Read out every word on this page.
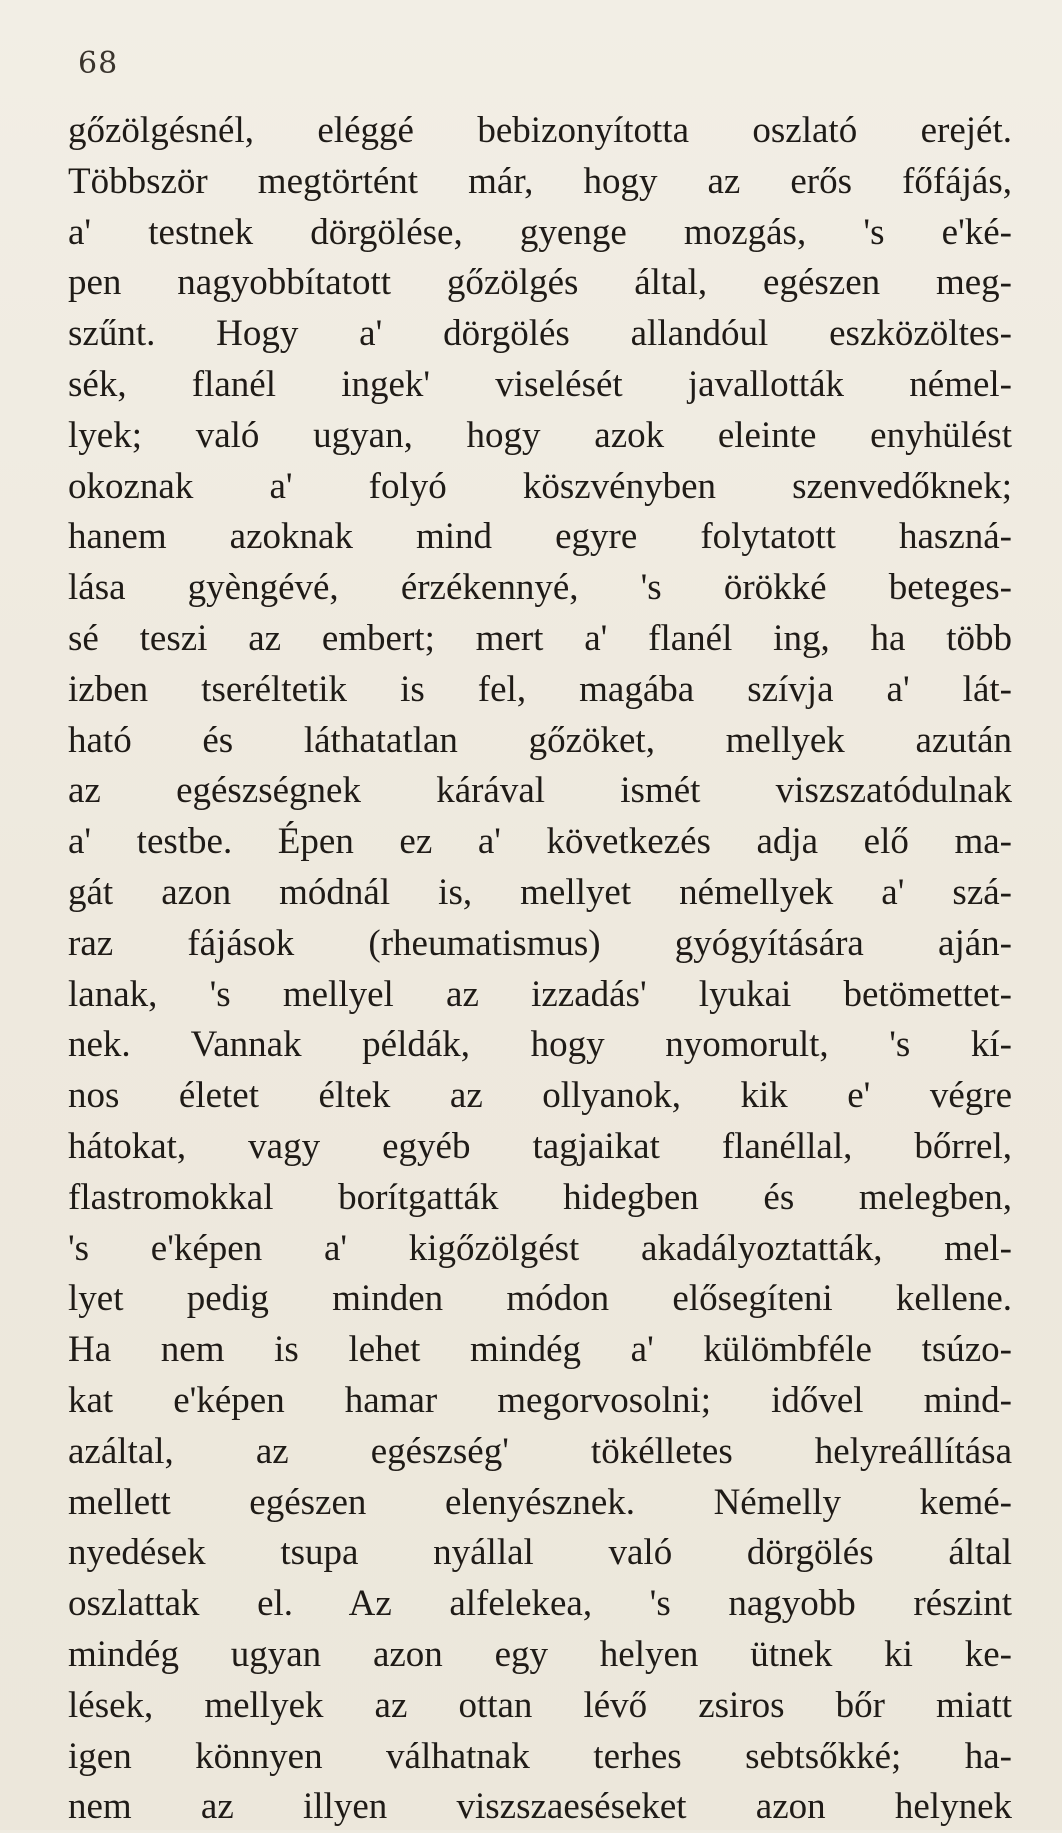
68
gőzölgésnél, eléggé bebizonyította oszlató erejét.
Többször megtörtént már, hogy az erős főfájás,
a' testnek dörgölése, gyenge mozgás, 's e'ké-
pen nagyobbítatott gőzölgés által, egészen meg-
szűnt. Hogy a' dörgölés allandóul eszközöltes-
sék, flanél ingek' viselését javallották némel-
lyek; való ugyan, hogy azok eleinte enyhülést
okoznak a' folyó köszvényben szenvedőknek;
hanem azoknak mind egyre folytatott haszná-
lása gyèngévé, érzékennyé, 's örökké beteges-
sé teszi az embert; mert a' flanél ing, ha több
izben tseréltetik is fel, magába szívja a' lát-
ható és láthatatlan gőzöket, mellyek azután
az egészségnek kárával ismét viszszatódulnak
a' testbe. Épen ez a' következés adja elő ma-
gát azon módnál is, mellyet némellyek a' szá-
raz fájások (rheumatismus) gyógyítására aján-
lanak, 's mellyel az izzadás' lyukai betömettet-
nek. Vannak példák, hogy nyomorult, 's kí-
nos életet éltek az ollyanok, kik e' végre
hátokat, vagy egyéb tagjaikat flanéllal, bőrrel,
flastromokkal borítgatták hidegben és melegben,
's e'képen a' kigőzölgést akadályoztatták, mel-
lyet pedig minden módon elősegíteni kellene.
Ha nem is lehet mindég a' külömbféle tsúzo-
kat e'képen hamar megorvosolni; idővel mind-
azáltal, az egészség' tökélletes helyreállítása
mellett egészen elenyésznek. Némelly kemé-
nyedések tsupa nyállal való dörgölés által
oszlattak el. Az alfelekea, 's nagyobb részint
mindég ugyan azon egy helyen ütnek ki ke-
lések, mellyek az ottan lévő zsiros bőr miatt
igen könnyen válhatnak terhes sebtsőkké; ha-
nem az illyen viszszaeséseket azon helynek
